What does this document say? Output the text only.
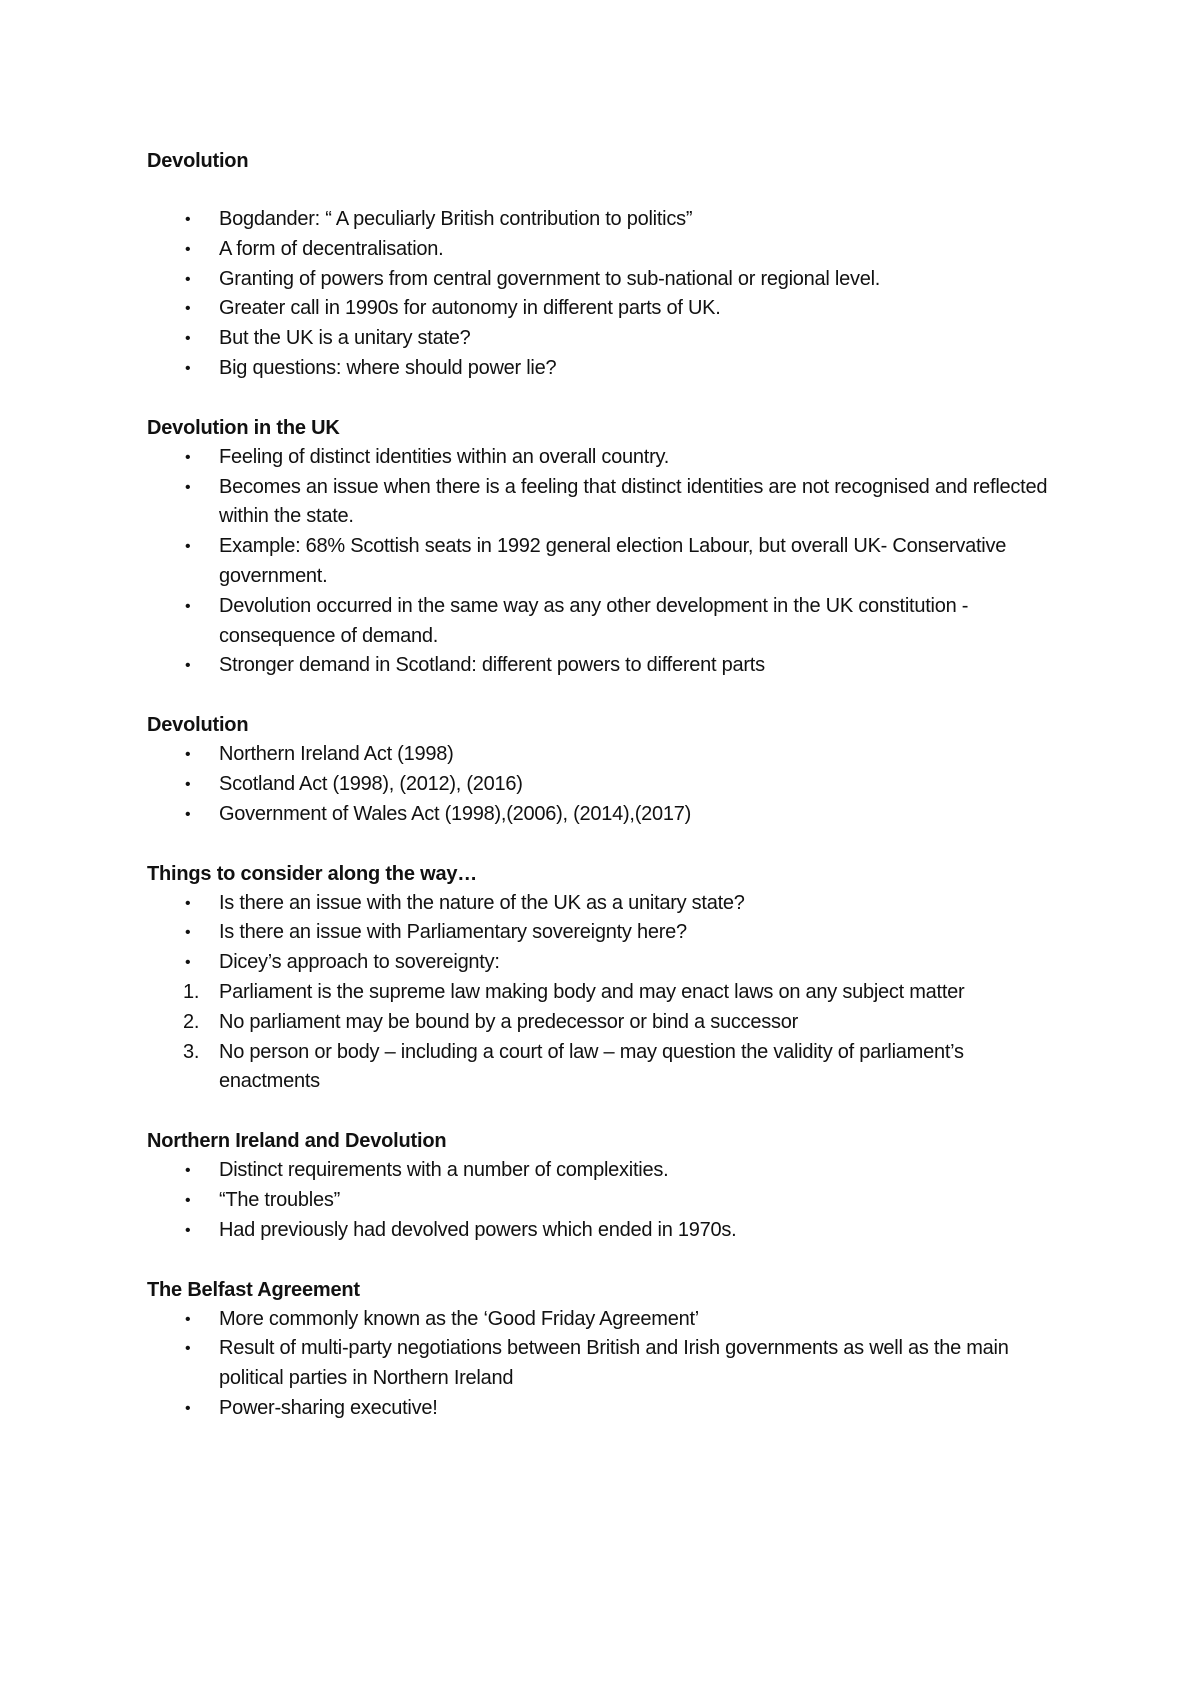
Devolution
•	Bogdander: “ A peculiarly British contribution to politics”
•	A form of decentralisation.
•	Granting of powers from central government to sub-national or regional level.
•	Greater call in 1990s for autonomy in different parts of UK.
•	But the UK is a unitary state?
•	Big questions: where should power lie?
Devolution in the UK
•	Feeling of distinct identities within an overall country.
•	Becomes an issue when there is a feeling that distinct identities are not recognised and reflected within the state.
•	Example: 68% Scottish seats in 1992 general election Labour, but overall UK- Conservative government.
•	Devolution occurred in the same way as any other development in the UK constitution - consequence of demand.
•	Stronger demand in Scotland: different powers to different parts
Devolution
•	Northern Ireland Act (1998)
•	Scotland Act (1998), (2012), (2016)
•	Government of Wales Act (1998),(2006), (2014),(2017)
Things to consider along the way…
•	Is there an issue with the nature of the UK as a unitary state?
•	Is there an issue with Parliamentary sovereignty here?
•	Dicey’s approach to sovereignty:
1. Parliament is the supreme law making body and may enact laws on any subject matter
2. No parliament may be bound by a predecessor or bind a successor
3. No person or body – including a court of law – may question the validity of parliament’s enactments
Northern Ireland and Devolution
•	Distinct requirements with a number of complexities.
•	“The troubles”
•	Had previously had devolved powers which ended in 1970s.
The Belfast Agreement
•	More commonly known as the ‘Good Friday Agreement’
•	Result of multi-party negotiations between British and Irish governments as well as the main political parties in Northern Ireland
•	Power-sharing executive!
